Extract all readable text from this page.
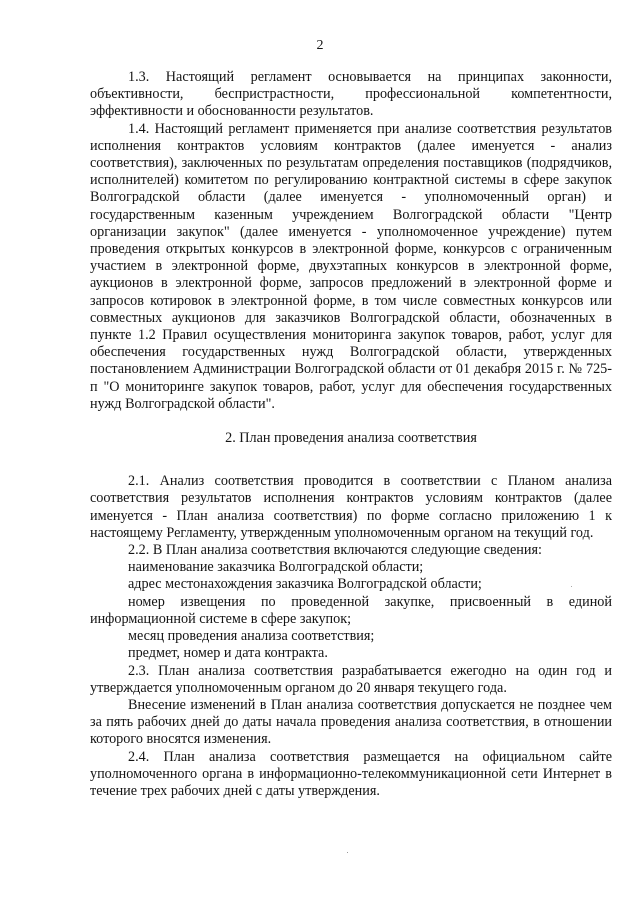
2

1.3. Настоящий регламент основывается на принципах законности, объективности, беспристрастности, профессиональной компетентности, эффективности и обоснованности результатов.

1.4. Настоящий регламент применяется при анализе соответствия результатов исполнения контрактов условиям контрактов (далее именуется - анализ соответствия), заключенных по результатам определения поставщиков (подрядчиков, исполнителей) комитетом по регулированию контрактной системы в сфере закупок Волгоградской области (далее именуется - уполномоченный орган) и государственным казенным учреждением Волгоградской области "Центр организации закупок" (далее именуется - уполномоченное учреждение) путем проведения открытых конкурсов в электронной форме, конкурсов с ограниченным участием в электронной форме, двухэтапных конкурсов в электронной форме, аукционов в электронной форме, запросов предложений в электронной форме и запросов котировок в электронной форме, в том числе совместных конкурсов или совместных аукционов для заказчиков Волгоградской области, обозначенных в пункте 1.2 Правил осуществления мониторинга закупок товаров, работ, услуг для обеспечения государственных нужд Волгоградской области, утвержденных постановлением Администрации Волгоградской области от 01 декабря 2015 г. № 725-п "О мониторинге закупок товаров, работ, услуг для обеспечения государственных нужд Волгоградской области".

2. План проведения анализа соответствия

2.1. Анализ соответствия проводится в соответствии с Планом анализа соответствия результатов исполнения контрактов условиям контрактов (далее именуется - План анализа соответствия) по форме согласно приложению 1 к настоящему Регламенту, утвержденным уполномоченным органом на текущий год.

2.2. В План анализа соответствия включаются следующие сведения:

наименование заказчика Волгоградской области;

адрес местонахождения заказчика Волгоградской области;

номер извещения по проведенной закупке, присвоенный в единой информационной системе в сфере закупок;

месяц проведения анализа соответствия;

предмет, номер и дата контракта.

2.3. План анализа соответствия разрабатывается ежегодно на один год и утверждается уполномоченным органом до 20 января текущего года.

Внесение изменений в План анализа соответствия допускается не позднее чем за пять рабочих дней до даты начала проведения анализа соответствия, в отношении которого вносятся изменения.

2.4. План анализа соответствия размещается на официальном сайте уполномоченного органа в информационно-телекоммуникационной сети Интернет в течение трех рабочих дней с даты утверждения.
